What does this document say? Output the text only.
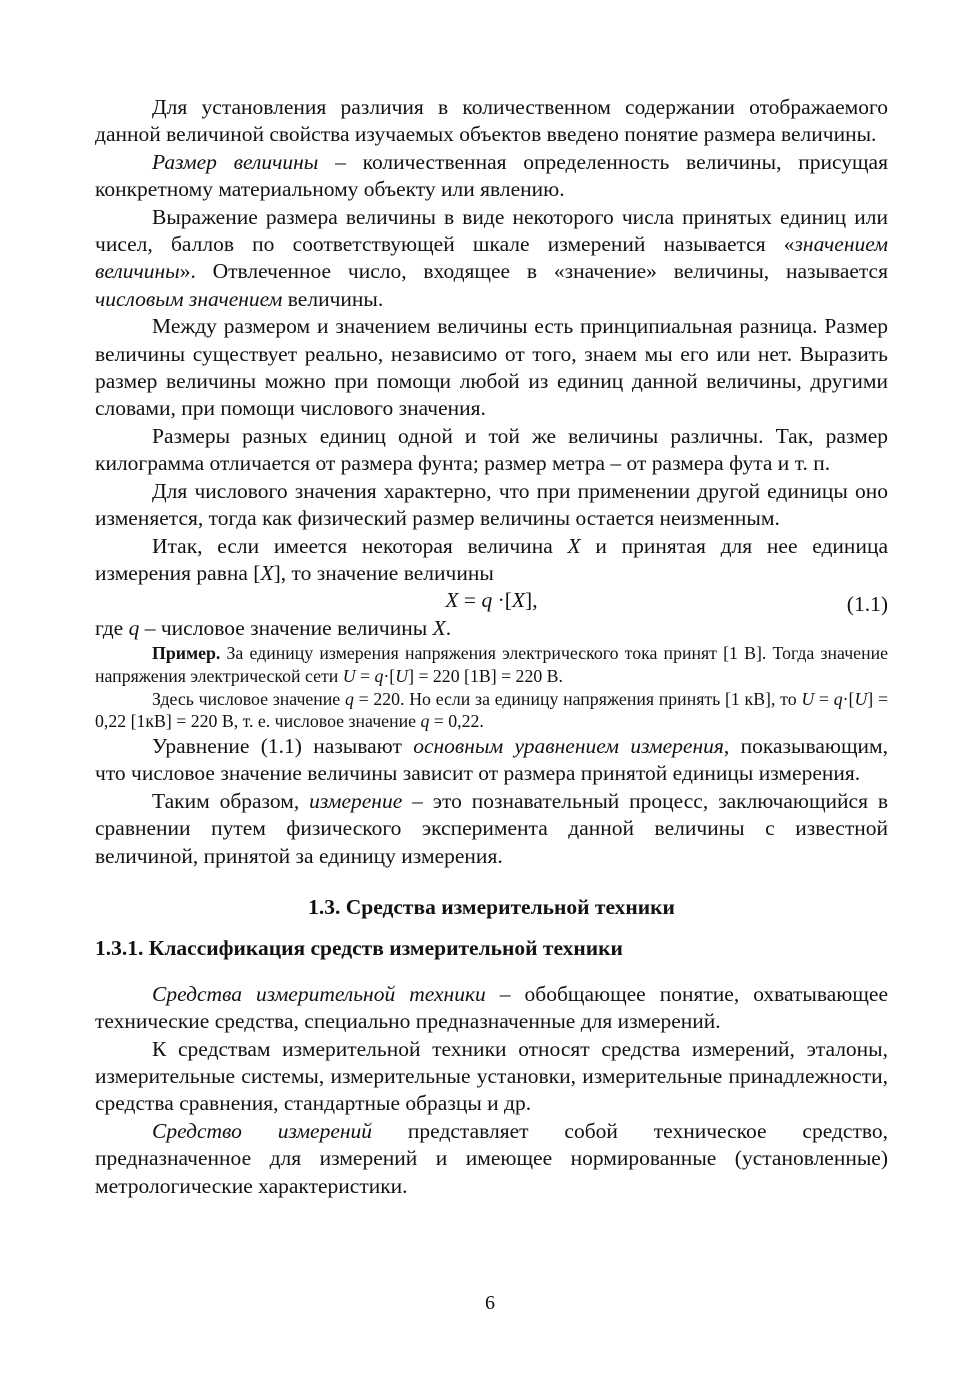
Для установления различия в количественном содержании отображаемого данной величиной свойства изучаемых объектов введено понятие размера величины.

Размер величины – количественная определенность величины, присущая конкретному материальному объекту или явлению.

Выражение размера величины в виде некоторого числа принятых единиц или чисел, баллов по соответствующей шкале измерений называется «значением величины». Отвлеченное число, входящее в «значение» величины, называется числовым значением величины.

Между размером и значением величины есть принципиальная разница. Размер величины существует реально, независимо от того, знаем мы его или нет. Выразить размер величины можно при помощи любой из единиц данной величины, другими словами, при помощи числового значения.

Размеры разных единиц одной и той же величины различны. Так, размер килограмма отличается от размера фунта; размер метра – от размера фута и т. п.

Для числового значения характерно, что при применении другой единицы оно изменяется, тогда как физический размер величины остается неизменным.

Итак, если имеется некоторая величина X и принятая для нее единица измерения равна [X], то значение величины

X = q ·[X],	(1.1)

где q – числовое значение величины X.

Пример. За единицу измерения напряжения электрического тока принят [1 В]. Тогда значение напряжения электрической сети U = q·[U] = 220 [1В] = 220 В.

Здесь числовое значение q = 220. Но если за единицу напряжения принять [1 кВ], то U = q·[U] = 0,22 [1кВ] = 220 В, т. е. числовое значение q = 0,22.

Уравнение (1.1) называют основным уравнением измерения, показывающим, что числовое значение величины зависит от размера принятой единицы измерения.

Таким образом, измерение – это познавательный процесс, заключающийся в сравнении путем физического эксперимента данной величины с известной величиной, принятой за единицу измерения.

1.3. Средства измерительной техники
1.3.1. Классификация средств измерительной техники

Средства измерительной техники – обобщающее понятие, охватывающее технические средства, специально предназначенные для измерений.

К средствам измерительной техники относят средства измерений, эталоны, измерительные системы, измерительные установки, измерительные принадлежности, средства сравнения, стандартные образцы и др.

Средство измерений представляет собой техническое средство, предназначенное для измерений и имеющее нормированные (установленные) метрологические характеристики.

6
